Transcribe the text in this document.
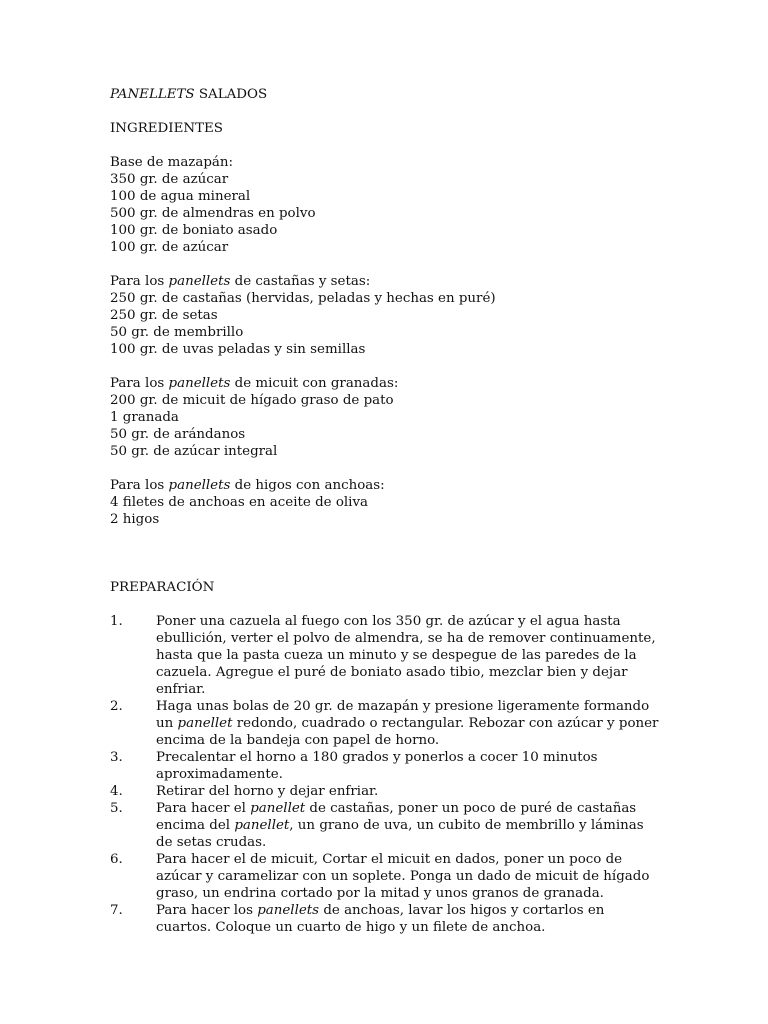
PANELLETS SALADOS
INGREDIENTES
Base de mazapán:
350 gr. de azúcar
100 de agua mineral
500 gr. de almendras en polvo
100 gr. de boniato asado
100 gr. de azúcar
Para los panellets de castañas y setas:
250 gr. de castañas (hervidas, peladas y hechas en puré)
250 gr. de setas
50 gr. de membrillo
100 gr. de uvas peladas y sin semillas
Para los panellets de micuit con granadas:
200 gr. de micuit de hígado graso de pato
1 granada
50 gr. de arándanos
50 gr. de azúcar integral
Para los panellets de higos con anchoas:
4 filetes de anchoas en aceite de oliva
2 higos
PREPARACIÓN
1.	Poner una cazuela al fuego con los 350 gr. de azúcar y el agua hasta ebullición, verter el polvo de almendra, se ha de remover continuamente, hasta que la pasta cueza un minuto y se despegue de las paredes de la cazuela. Agregue el puré de boniato asado tibio, mezclar bien y dejar enfriar.
2.	Haga unas bolas de 20 gr. de mazapán y presione ligeramente formando un panellet redondo, cuadrado o rectangular. Rebozar con azúcar y poner encima de la bandeja con papel de horno.
3.	Precalentar el horno a 180 grados y ponerlos a cocer 10 minutos aproximadamente.
4.	Retirar del horno y dejar enfriar.
5.	Para hacer el panellet de castañas, poner un poco de puré de castañas encima del panellet, un grano de uva, un cubito de membrillo y láminas de setas crudas.
6.	Para hacer el de micuit, Cortar el micuit en dados, poner un poco de azúcar y caramelizar con un soplete. Ponga un dado de micuit de hígado graso, un endrina cortado por la mitad y unos granos de granada.
7.	Para hacer los panellets de anchoas, lavar los higos y cortarlos en cuartos. Coloque un cuarto de higo y un filete de anchoa.
